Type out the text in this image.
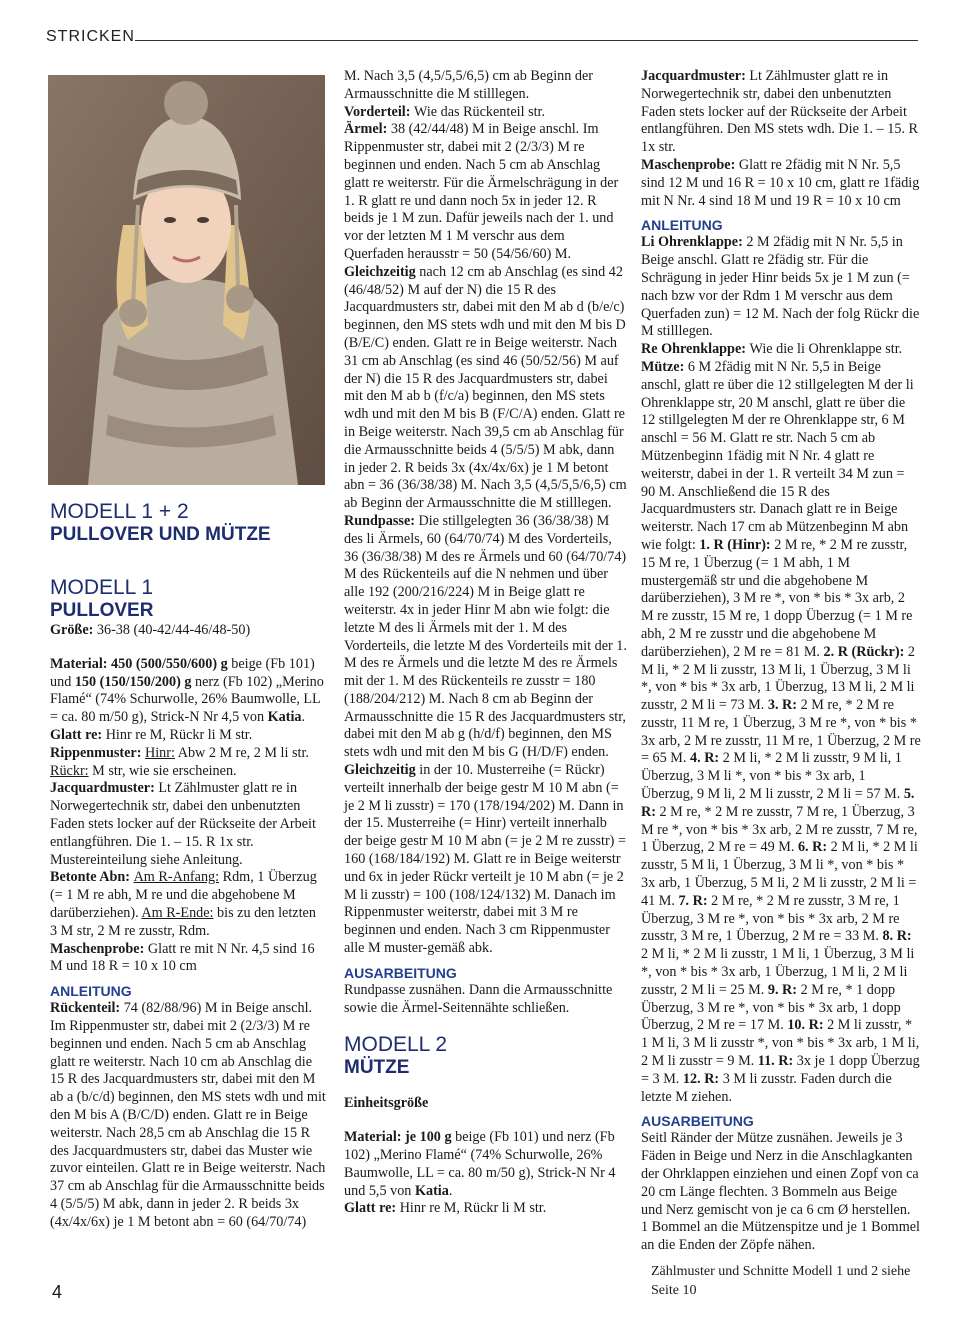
STRICKEN
MODELL 1 + 2
PULLOVER UND MÜTZE
MODELL 1
PULLOVER

Größe: 36-38 (40-42/44-46/48-50)

Material: 450 (500/550/600) g beige (Fb 101) und 150 (150/150/200) g nerz (Fb 102) „Merino Flamé“ (74% Schurwolle, 26% Baumwolle, LL = ca. 80 m/50 g), Strick-N Nr 4,5 von Katia.

Glatt re: Hinr re M, Rückr li M str.

Rippenmuster: Hinr: Abw 2 M re, 2 M li str. Rückr: M str, wie sie erscheinen.

Jacquardmuster: Lt Zählmuster glatt re in Norwegertechnik str, dabei den unbenutzten Faden stets locker auf der Rückseite der Arbeit entlangführen. Die 1. – 15. R 1x str. Mustereinteilung siehe Anleitung.

Betonte Abn: Am R-Anfang: Rdm, 1 Überzug (= 1 M re abh, M re und die abgehobene M darüberziehen). Am R-Ende: bis zu den letzten 3 M str, 2 M re zusstr, Rdm.

Maschenprobe: Glatt re mit N Nr. 4,5 sind 16 M und 18 R = 10 x 10 cm

ANLEITUNG

Rückenteil: 74 (82/88/96) M in Beige anschl. Im Rippenmuster str, dabei mit 2 (2/3/3) M re beginnen und enden. Nach 5 cm ab Anschlag glatt re weiterstr. Nach 10 cm ab Anschlag die 15 R des Jacquardmusters str, dabei mit den M ab a (b/c/d) beginnen, den MS stets wdh und mit den M bis A (B/C/D) enden. Glatt re in Beige weiterstr. Nach 28,5 cm ab Anschlag die 15 R des Jacquardmusters str, dabei das Muster wie zuvor einteilen. Glatt re in Beige weiterstr. Nach 37 cm ab Anschlag für die Armausschnitte beids 4 (5/5/5) M abk, dann in jeder 2. R beids 3x (4x/4x/6x) je 1 M betont abn = 60 (64/70/74)

M. Nach 3,5 (4,5/5,5/6,5) cm ab Beginn der Armausschnitte die M stilllegen.

Vorderteil: Wie das Rückenteil str.

Ärmel: 38 (42/44/48) M in Beige anschl. Im Rippenmuster str, dabei mit 2 (2/3/3) M re beginnen und enden. Nach 5 cm ab Anschlag glatt re weiterstr. Für die Ärmelschrägung in der 1. R glatt re und dann noch 5x in jeder 12. R beids je 1 M zun. Dafür jeweils nach der 1. und vor der letzten M 1 M verschr aus dem Querfaden herausstr = 50 (54/56/60) M.

Gleichzeitig nach 12 cm ab Anschlag (es sind 42 (46/48/52) M auf der N) die 15 R des Jacquardmusters str, dabei mit den M ab d (b/e/c) beginnen, den MS stets wdh und mit den M bis D (B/E/C) enden. Glatt re in Beige weiterstr. Nach 31 cm ab Anschlag (es sind 46 (50/52/56) M auf der N) die 15 R des Jacquardmusters str, dabei mit den M ab b (f/c/a) beginnen, den MS stets wdh und mit den M bis B (F/C/A) enden. Glatt re in Beige weiterstr. Nach 39,5 cm ab Anschlag für die Armausschnitte beids 4 (5/5/5) M abk, dann in jeder 2. R beids 3x (4x/4x/6x) je 1 M betont abn = 36 (36/38/38) M. Nach 3,5 (4,5/5,5/6,5) cm ab Beginn der Armausschnitte die M stilllegen.

Rundpasse: Die stillgelegten 36 (36/38/38) M des li Ärmels, 60 (64/70/74) M des Vorderteils, 36 (36/38/38) M des re Ärmels und 60 (64/70/74) M des Rückenteils auf die N nehmen und über alle 192 (200/216/224) M in Beige glatt re weiterstr. 4x in jeder Hinr M abn wie folgt: die letzte M des li Ärmels mit der 1. M des Vorderteils, die letzte M des Vorderteils mit der 1. M des re Ärmels und die letzte M des re Ärmels mit der 1. M des Rückenteils re zusstr = 180 (188/204/212) M. Nach 8 cm ab Beginn der Armausschnitte die 15 R des Jacquardmusters str, dabei mit den M ab g (h/d/f) beginnen, den MS stets wdh und mit den M bis G (H/D/F) enden. Gleichzeitig in der 10. Musterreihe (= Rückr) verteilt innerhalb der beige gestr M 10 M abn (= je 2 M li zusstr) = 170 (178/194/202) M. Dann in der 15. Musterreihe (= Hinr) verteilt innerhalb der beige gestr M 10 M abn (= je 2 M re zusstr) = 160 (168/184/192) M. Glatt re in Beige weiterstr und 6x in jeder Rückr verteilt je 10 M abn (= je 2 M li zusstr) = 100 (108/124/132) M. Danach im Rippenmuster weiterstr, dabei mit 3 M re beginnen und enden. Nach 3 cm Rippenmuster alle M muster-gemäß abk.

AUSARBEITUNG

Rundpasse zusnähen. Dann die Armausschnitte sowie die Ärmel-Seitennähte schließen.

MODELL 2
MÜTZE

Einheitsgröße

Material: je 100 g beige (Fb 101) und nerz (Fb 102) „Merino Flamé“ (74% Schurwolle, 26% Baumwolle, LL = ca. 80 m/50 g), Strick-N Nr 4 und 5,5 von Katia.

Glatt re: Hinr re M, Rückr li M str.

Jacquardmuster: Lt Zählmuster glatt re in Norwegertechnik str, dabei den unbenutzten Faden stets locker auf der Rückseite der Arbeit entlangführen. Den MS stets wdh. Die 1. – 15. R 1x str.

Maschenprobe: Glatt re 2fädig mit N Nr. 5,5 sind 12 M und 16 R = 10 x 10 cm, glatt re 1fädig mit N Nr. 4 sind 18 M und 19 R = 10 x 10 cm

ANLEITUNG

Li Ohrenklappe: 2 M 2fädig mit N Nr. 5,5 in Beige anschl. Glatt re 2fädig str. Für die Schrägung in jeder Hinr beids 5x je 1 M zun (= nach bzw vor der Rdm 1 M verschr aus dem Querfaden zun) = 12 M. Nach der folg Rückr die M stilllegen.

Re Ohrenklappe: Wie die li Ohrenklappe str.

Mütze: 6 M 2fädig mit N Nr. 5,5 in Beige anschl, glatt re über die 12 stillgelegten M der li Ohrenklappe str, 20 M anschl, glatt re über die 12 stillgelegten M der re Ohrenklappe str, 6 M anschl = 56 M. Glatt re str. Nach 5 cm ab Mützenbeginn 1fädig mit N Nr. 4 glatt re weiterstr, dabei in der 1. R verteilt 34 M zun = 90 M. Anschließend die 15 R des Jacquardmusters str. Danach glatt re in Beige weiterstr. Nach 17 cm ab Mützenbeginn M abn wie folgt: 1. R (Hinr): 2 M re, * 2 M re zusstr, 15 M re, 1 Überzug (= 1 M abh, 1 M mustergemäß str und die abgehobene M darüberziehen), 3 M re *, von * bis * 3x arb, 2 M re zusstr, 15 M re, 1 dopp Überzug (= 1 M re abh, 2 M re zusstr und die abgehobene M darüberziehen), 2 M re = 81 M. 2. R (Rückr): 2 M li, * 2 M li zusstr, 13 M li, 1 Überzug, 3 M li *, von * bis * 3x arb, 1 Überzug, 13 M li, 2 M li zusstr, 2 M li = 73 M. 3. R: 2 M re, * 2 M re zusstr, 11 M re, 1 Überzug, 3 M re *, von * bis * 3x arb, 2 M re zusstr, 11 M re, 1 Überzug, 2 M re = 65 M. 4. R: 2 M li, * 2 M li zusstr, 9 M li, 1 Überzug, 3 M li *, von * bis * 3x arb, 1 Überzug, 9 M li, 2 M li zusstr, 2 M li = 57 M. 5. R: 2 M re, * 2 M re zusstr, 7 M re, 1 Überzug, 3 M re *, von * bis * 3x arb, 2 M re zusstr, 7 M re, 1 Überzug, 2 M re = 49 M. 6. R: 2 M li, * 2 M li zusstr, 5 M li, 1 Überzug, 3 M li *, von * bis * 3x arb, 1 Überzug, 5 M li, 2 M li zusstr, 2 M li = 41 M. 7. R: 2 M re, * 2 M re zusstr, 3 M re, 1 Überzug, 3 M re *, von * bis * 3x arb, 2 M re zusstr, 3 M re, 1 Überzug, 2 M re = 33 M. 8. R: 2 M li, * 2 M li zusstr, 1 M li, 1 Überzug, 3 M li *, von * bis * 3x arb, 1 Überzug, 1 M li, 2 M li zusstr, 2 M li = 25 M. 9. R: 2 M re, * 1 dopp Überzug, 3 M re *, von * bis * 3x arb, 1 dopp Überzug, 2 M re = 17 M. 10. R: 2 M li zusstr, * 1 M li, 3 M li zusstr *, von * bis * 3x arb, 1 M li, 2 M li zusstr = 9 M. 11. R: 3x je 1 dopp Überzug = 3 M. 12. R: 3 M li zusstr. Faden durch die letzte M ziehen.

AUSARBEITUNG

Seitl Ränder der Mütze zusnähen. Jeweils je 3 Fäden in Beige und Nerz in die Anschlagkanten der Ohrklappen einziehen und einen Zopf von ca 20 cm Länge flechten. 3 Bommeln aus Beige und Nerz gemischt von je ca 6 cm Ø herstellen. 1 Bommel an die Mützenspitze und je 1 Bommel an die Enden der Zöpfe nähen.

Zählmuster und Schnitte Modell 1 und 2 siehe Seite 10
4
